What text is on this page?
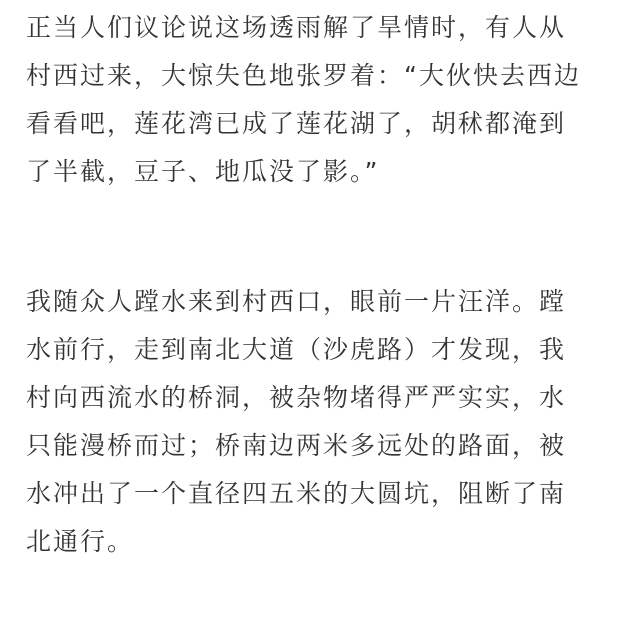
正当人们议论说这场透雨解了旱情时，有人从
村西过来，大惊失色地张罗着：“大伙快去西边
看看吧，莲花湾已成了莲花湖了，胡秫都淹到
了半截，豆子、地瓜没了影。”
我随众人蹚水来到村西口，眼前一片汪洋。蹚
水前行，走到南北大道（沙虎路）才发现，我
村向西流水的桥洞，被杂物堵得严严实实，水
只能漫桥而过；桥南边两米多远处的路面，被
水冲出了一个直径四五米的大圆坑，阻断了南
北通行。
